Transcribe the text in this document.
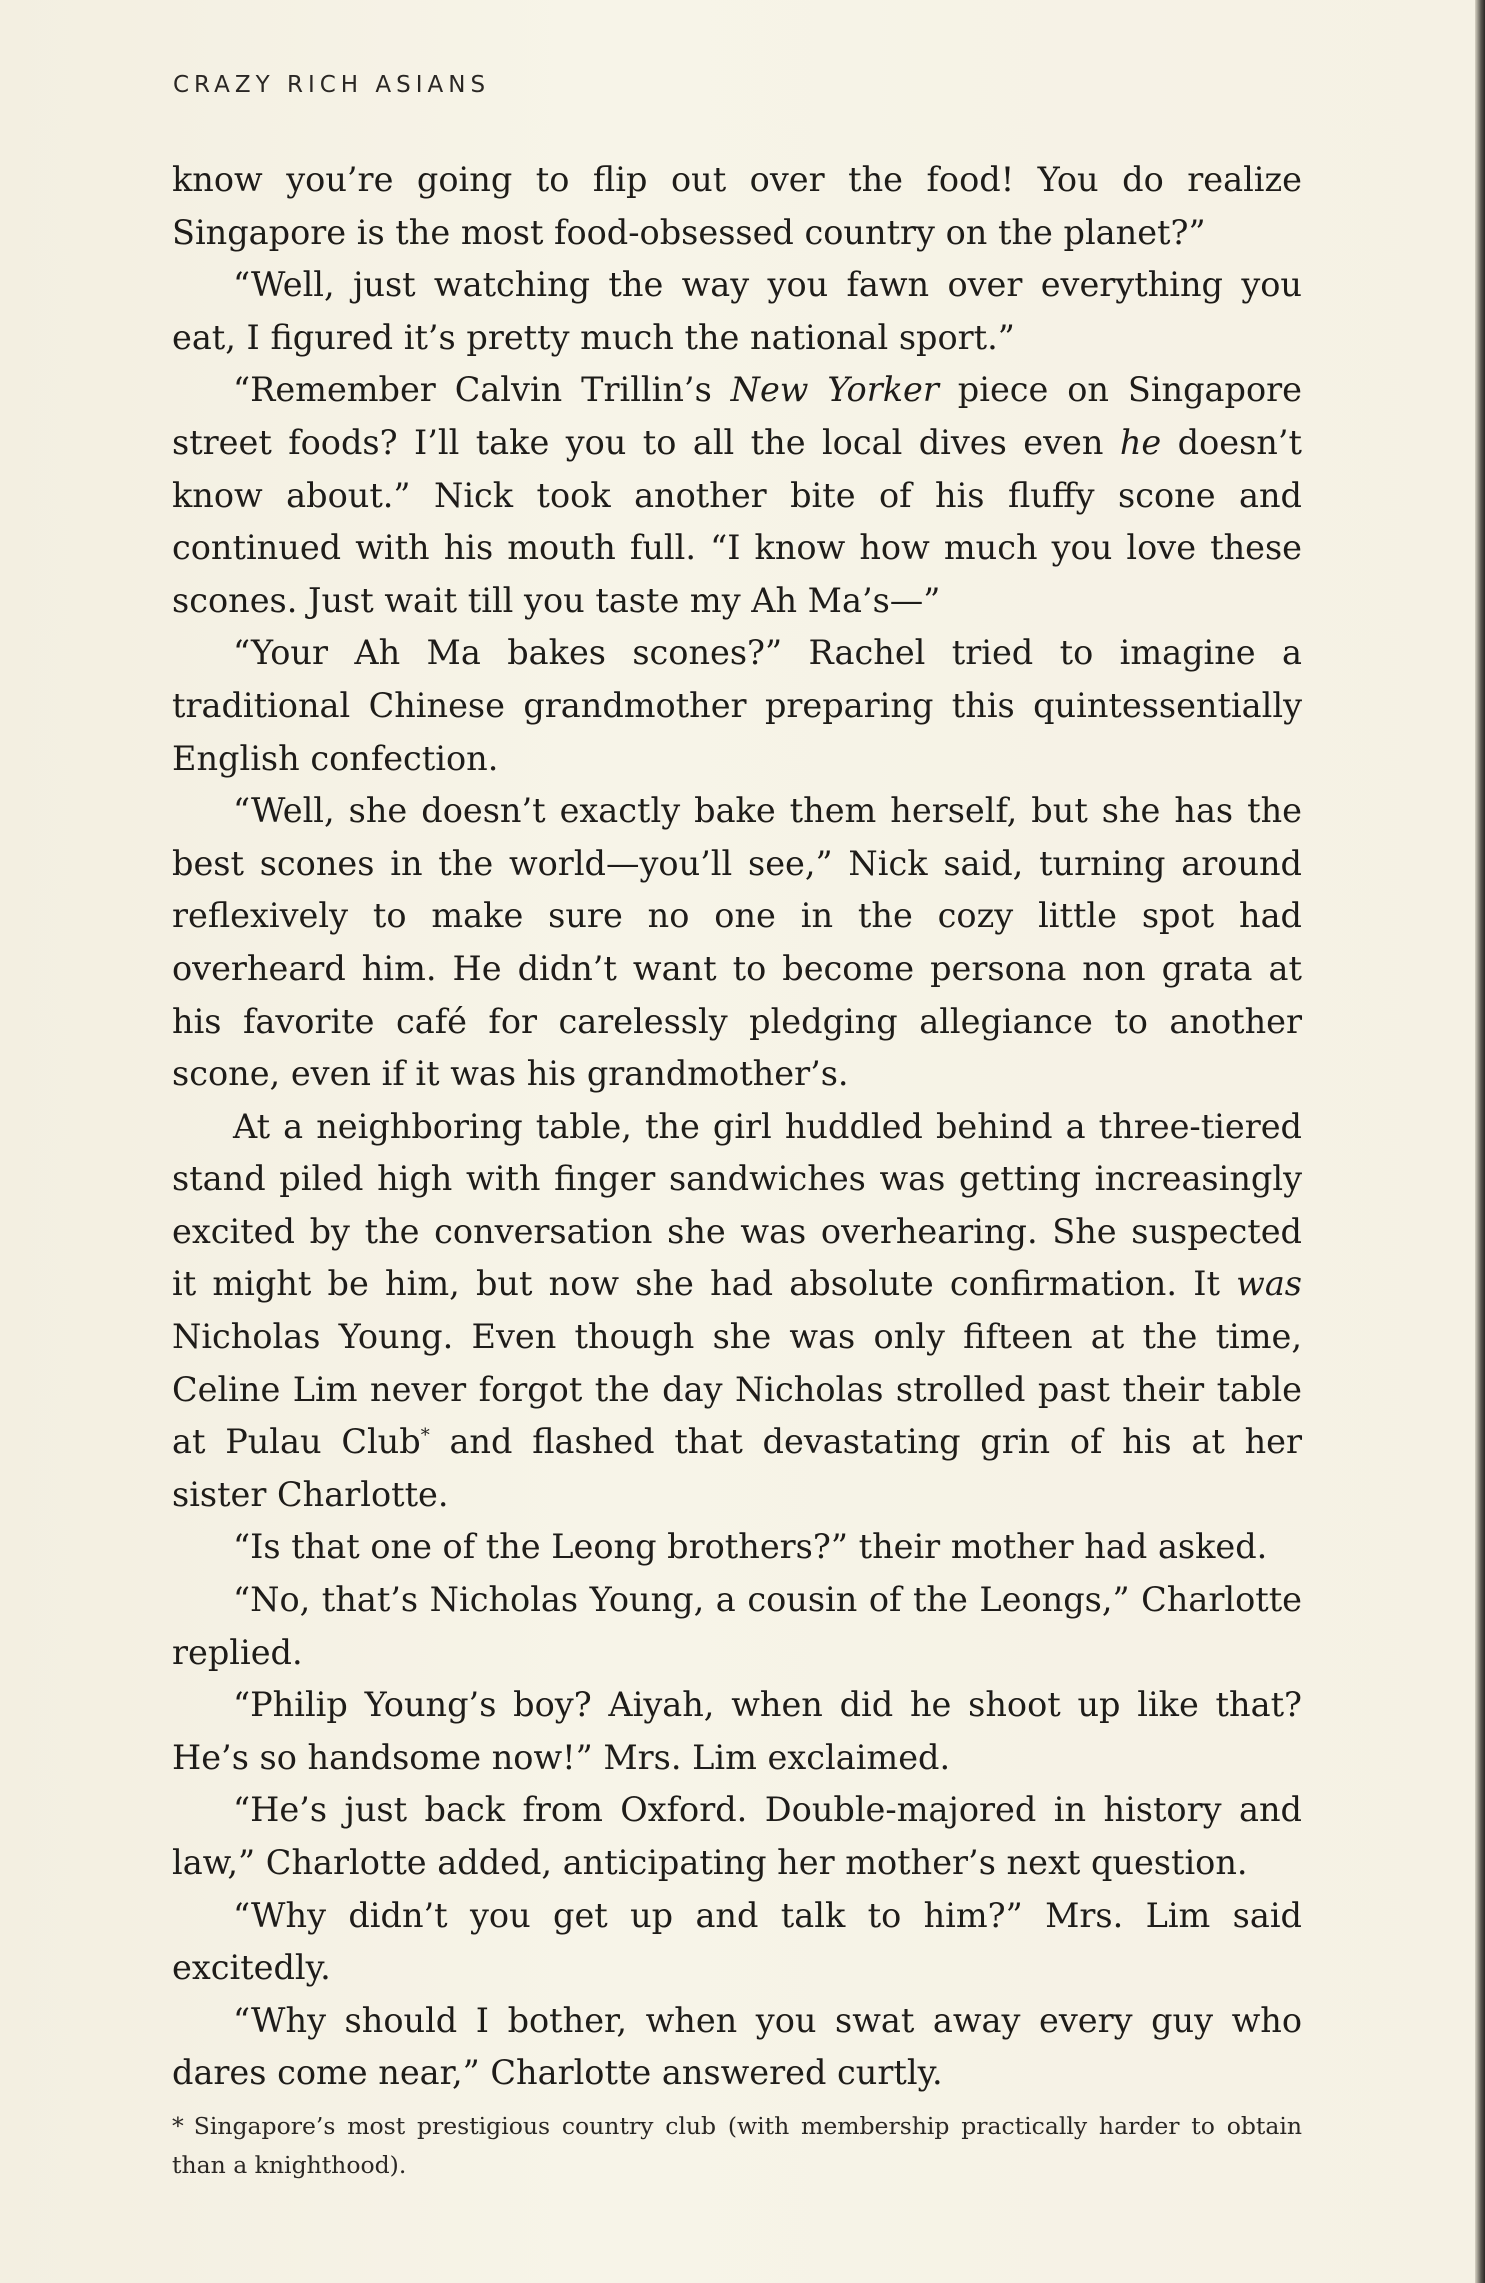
CRAZY RICH ASIANS

know you’re going to flip out over the food! You do realize Singapore is the most food-obsessed country on the planet?”

“Well, just watching the way you fawn over everything you eat, I figured it’s pretty much the national sport.”

“Remember Calvin Trillin’s New Yorker piece on Singapore street foods? I’ll take you to all the local dives even he doesn’t know about.” Nick took another bite of his fluffy scone and continued with his mouth full. “I know how much you love these scones. Just wait till you taste my Ah Ma’s—”

“Your Ah Ma bakes scones?” Rachel tried to imagine a traditional Chinese grandmother preparing this quintessentially English confection.

“Well, she doesn’t exactly bake them herself, but she has the best scones in the world—you’ll see,” Nick said, turning around reflexively to make sure no one in the cozy little spot had overheard him. He didn’t want to become persona non grata at his favorite café for carelessly pledging allegiance to another scone, even if it was his grandmother’s.

At a neighboring table, the girl huddled behind a three-tiered stand piled high with finger sandwiches was getting increasingly excited by the conversation she was overhearing. She suspected it might be him, but now she had absolute confirmation. It was Nicholas Young. Even though she was only fifteen at the time, Celine Lim never forgot the day Nicholas strolled past their table at Pulau Club* and flashed that devastating grin of his at her sister Charlotte.

“Is that one of the Leong brothers?” their mother had asked.

“No, that’s Nicholas Young, a cousin of the Leongs,” Charlotte replied.

“Philip Young’s boy? Aiyah, when did he shoot up like that? He’s so handsome now!” Mrs. Lim exclaimed.

“He’s just back from Oxford. Double-majored in history and law,” Charlotte added, anticipating her mother’s next question.

“Why didn’t you get up and talk to him?” Mrs. Lim said excitedly.

“Why should I bother, when you swat away every guy who dares come near,” Charlotte answered curtly.

* Singapore’s most prestigious country club (with membership practically harder to obtain than a knighthood).
